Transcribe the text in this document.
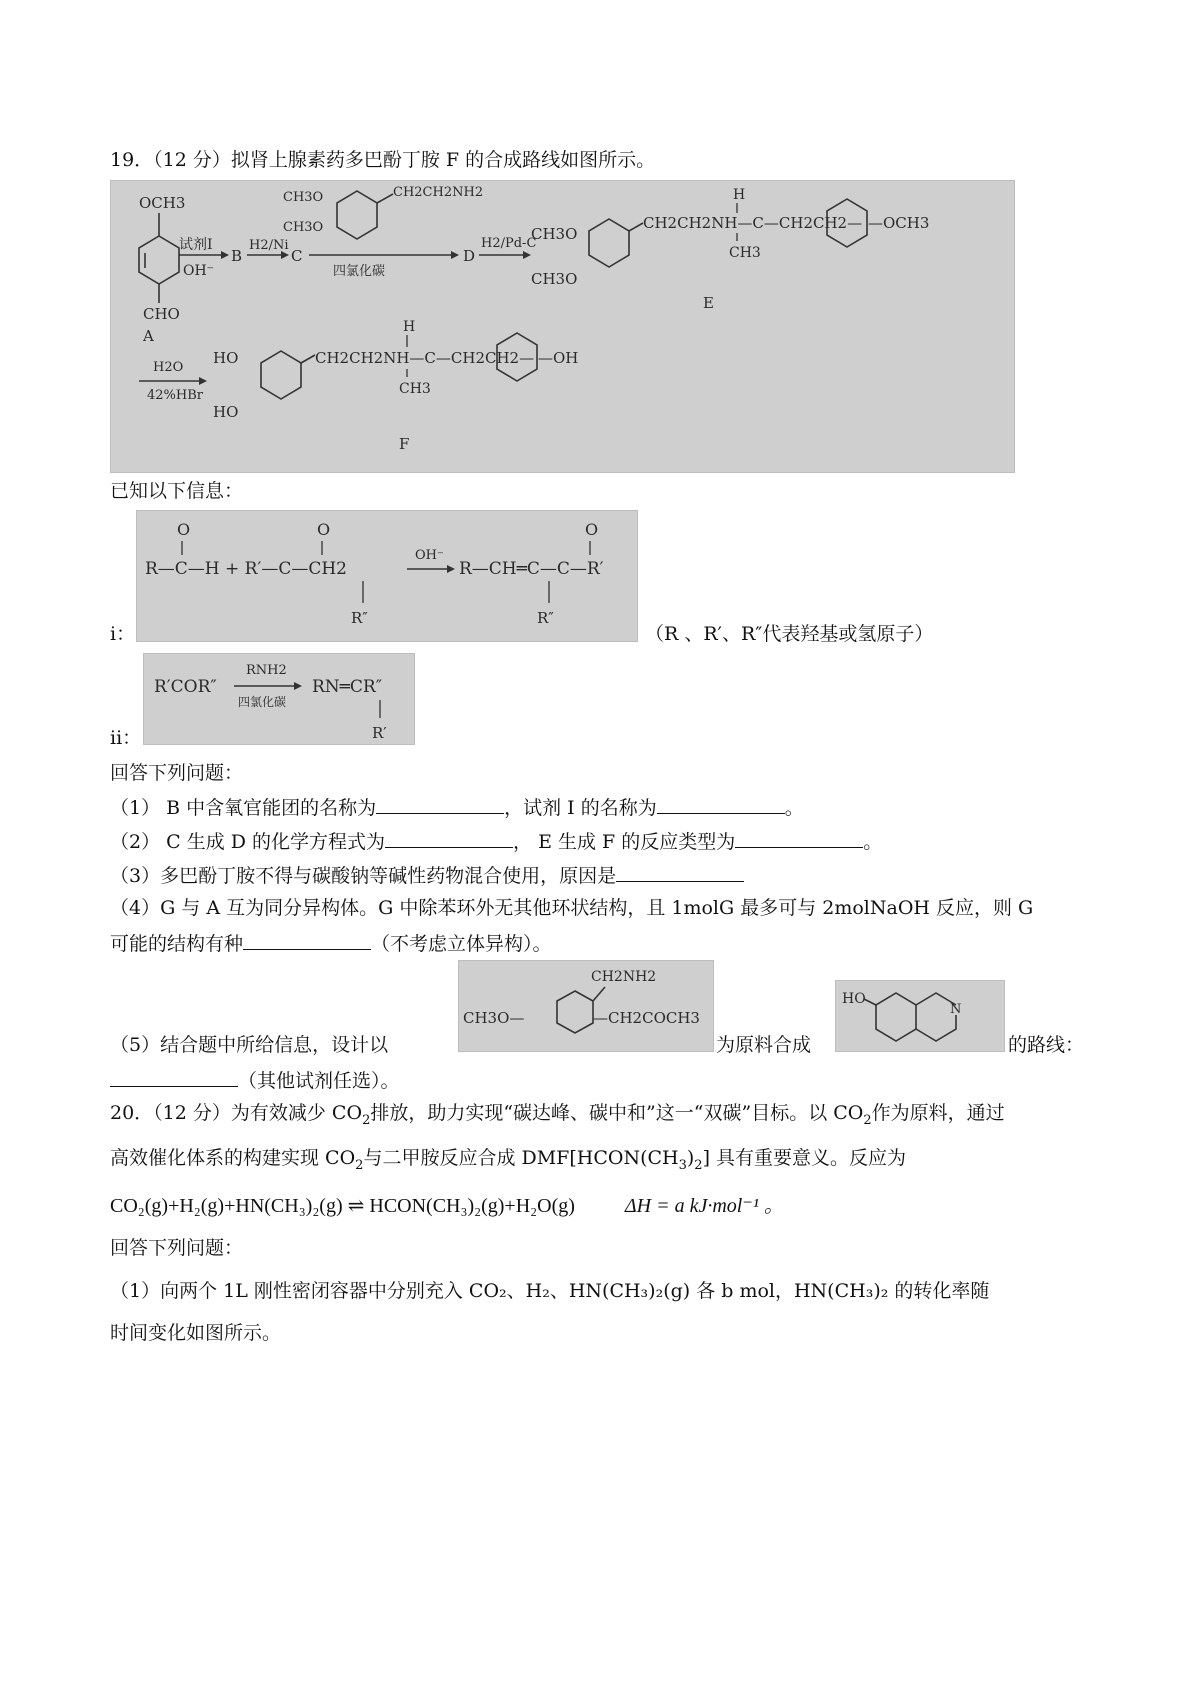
19．（12 分）拟肾上腺素药多巴酚丁胺 F 的合成路线如图所示。
OCH3
CHO
A
试剂I
OH⁻
B
H2/Ni
C
CH3O
CH3O
CH2CH2NH2
四氯化碳
D
H2/Pd-C
CH3O
CH3O
CH2CH2NH—C—CH2CH2—
H
CH3
—OCH3
E
H2O
42%HBr
HO
HO
CH2CH2NH—C—CH2CH2—
H
CH3
—OH
F
已知以下信息：
i：
O	O
R—C—H + R′—C—CH2
R″
OH⁻
O
R—CH═C—C—R′
R″
（R 、R′、R″代表羟基或氢原子）
ii：
R′COR″
RNH2
四氯化碳
RN═CR″
R′
回答下列问题：
（1） B 中含氧官能团的名称为	，试剂 I 的名称为	。
（2） C 生成 D 的化学方程式为	， E 生成 F 的反应类型为	。
（3）多巴酚丁胺不得与碳酸钠等碱性药物混合使用，原因是
（4）G 与 A 互为同分异构体。G 中除苯环外无其他环状结构，且 1molG 最多可与 2molNaOH 反应，则 G
可能的结构有种	（不考虑立体异构）。
（5）结合题中所给信息，设计以
CH2NH2
CH3O—	—CH2COCH3
为原料合成
HO
N
的路线：
（其他试剂任选）。
20．（12 分）为有效减少 $CO_2$排放，助力实现“碳达峰、碳中和”这一“双碳”目标。以 $CO_2$作为原料，通过
高效催化体系的构建实现 $CO_2$与二甲胺反应合成 $DMF[HCON(CH_3)_2]$ 具有重要意义。反应为
CO₂(g)+H₂(g)+HN(CH₃)₂(g) ⇌ HCON(CH₃)₂(g)+H₂O(g)	ΔH = a kJ·mol⁻¹ 。
回答下列问题：
（1）向两个 1L 刚性密闭容器中分别充入 CO₂、H₂、HN(CH₃)₂(g) 各 b mol，HN(CH₃)₂ 的转化率随
时间变化如图所示。
